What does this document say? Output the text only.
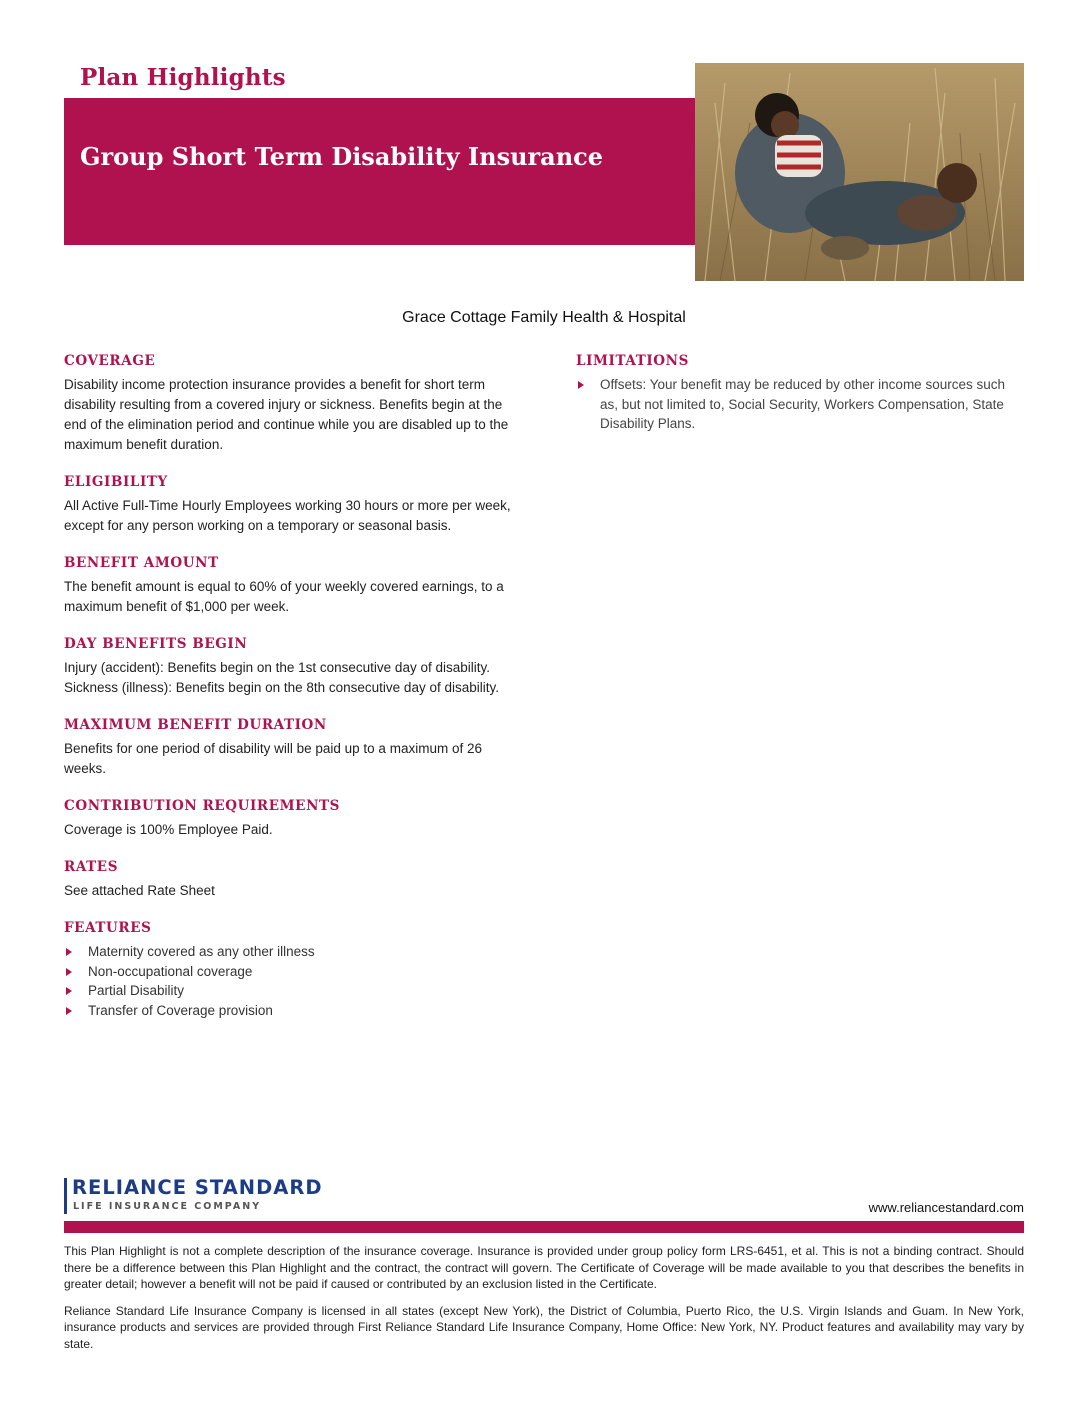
Plan Highlights
Group Short Term Disability Insurance
Grace Cottage Family Health & Hospital
COVERAGE

Disability income protection insurance provides a benefit for short term disability resulting from a covered injury or sickness. Benefits begin at the end of the elimination period and continue while you are disabled up to the maximum benefit duration.

ELIGIBILITY

All Active Full-Time Hourly Employees working 30 hours or more per week, except for any person working on a temporary or seasonal basis.

BENEFIT AMOUNT

The benefit amount is equal to 60% of your weekly covered earnings, to a maximum benefit of $1,000 per week.

DAY BENEFITS BEGIN

Injury (accident): Benefits begin on the 1st consecutive day of disability.
Sickness (illness): Benefits begin on the 8th consecutive day of disability.

MAXIMUM BENEFIT DURATION

Benefits for one period of disability will be paid up to a maximum of 26 weeks.

CONTRIBUTION REQUIREMENTS

Coverage is 100% Employee Paid.

RATES

See attached Rate Sheet

FEATURES
Maternity covered as any other illness
Non-occupational coverage
Partial Disability
Transfer of Coverage provision
LIMITATIONS
Offsets: Your benefit may be reduced by other income sources such as, but not limited to, Social Security, Workers Compensation, State Disability Plans.
RELIANCE STANDARD
LIFE INSURANCE COMPANY	www.reliancestandard.com

This Plan Highlight is not a complete description of the insurance coverage. Insurance is provided under group policy form LRS-6451, et al. This is not a binding contract. Should there be a difference between this Plan Highlight and the contract, the contract will govern. The Certificate of Coverage will be made available to you that describes the benefits in greater detail; however a benefit will not be paid if caused or contributed by an exclusion listed in the Certificate.

Reliance Standard Life Insurance Company is licensed in all states (except New York), the District of Columbia, Puerto Rico, the U.S. Virgin Islands and Guam. In New York, insurance products and services are provided through First Reliance Standard Life Insurance Company, Home Office: New York, NY. Product features and availability may vary by state.
